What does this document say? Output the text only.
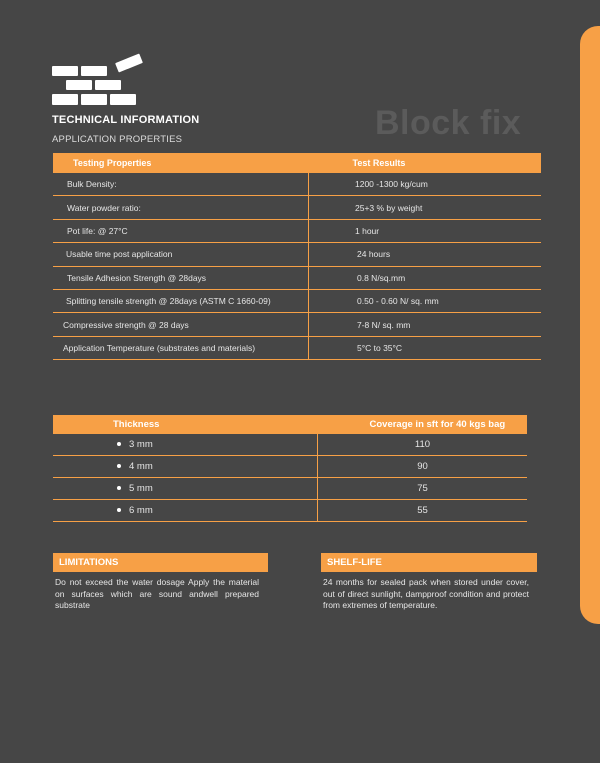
TECHNICAL INFORMATION
APPLICATION PROPERTIES	Block fix
Testing Properties	Test Results
Bulk Density:	1200 -1300 kg/cum
Water powder ratio:	25+3 % by weight
Pot life: @ 27°C	1 hour
Usable time post application	24 hours
Tensile Adhesion Strength @ 28days	0.8 N/sq.mm
Splitting tensile strength @ 28days (ASTM C 1660-09)	0.50 - 0.60 N/ sq. mm
Compressive strength @ 28 days	7-8 N/ sq. mm
Application Temperature (substrates and materials)	5°C to 35°C
Thickness	Coverage in sft for 40 kgs bag
3 mm	110
4 mm	90
5 mm	75
6 mm	55
LIMITATIONS
Do not exceed the water dosage Apply the material on surfaces which are sound andwell prepared substrate
SHELF-LIFE
24 months for sealed pack when stored under cover, out of direct sunlight, dampproof condition and protect from extremes of temperature.
